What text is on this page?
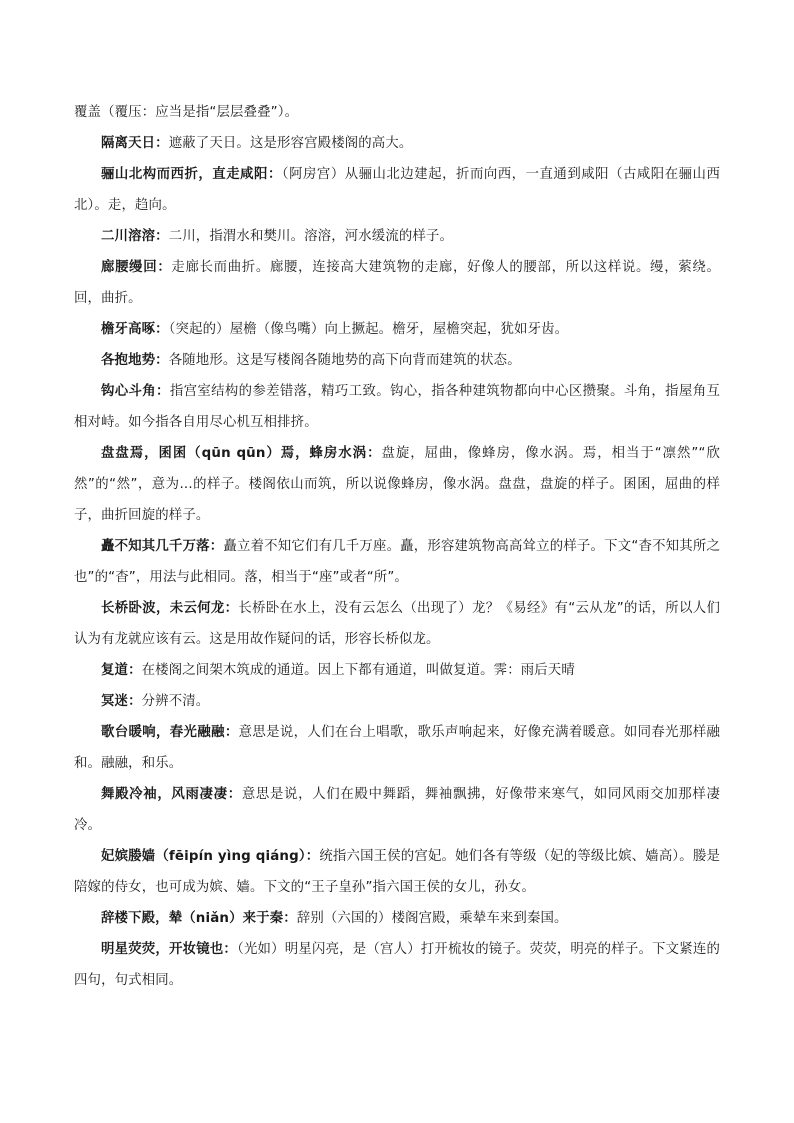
覆盖（覆压：应当是指“层层叠叠”）。

隔离天日：遮蔽了天日。这是形容宫殿楼阁的高大。

骊山北构而西折，直走咸阳：（阿房宫）从骊山北边建起，折而向西，一直通到咸阳（古咸阳在骊山西北）。走，趋向。

二川溶溶：二川，指渭水和樊川。溶溶，河水缓流的样子。

廊腰缦回：走廊长而曲折。廊腰，连接高大建筑物的走廊，好像人的腰部，所以这样说。缦，萦绕。回，曲折。

檐牙高啄：（突起的）屋檐（像鸟嘴）向上撅起。檐牙，屋檐突起，犹如牙齿。

各抱地势：各随地形。这是写楼阁各随地势的高下向背而建筑的状态。

钩心斗角：指宫室结构的参差错落，精巧工致。钩心，指各种建筑物都向中心区攒聚。斗角，指屋角互相对峙。如今指各自用尽心机互相排挤。

盘盘焉，囷囷（qūn qūn）焉，蜂房水涡：盘旋，屈曲，像蜂房，像水涡。焉，相当于“凛然”“欣然”的“然”，意为...的样子。楼阁依山而筑，所以说像蜂房，像水涡。盘盘，盘旋的样子。囷囷，屈曲的样子，曲折回旋的样子。

矗不知其几千万落：矗立着不知它们有几千万座。矗，形容建筑物高高耸立的样子。下文“杳不知其所之也”的“杳”，用法与此相同。落，相当于“座”或者“所”。

长桥卧波，未云何龙：长桥卧在水上，没有云怎么（出现了）龙？《易经》有“云从龙”的话，所以人们认为有龙就应该有云。这是用故作疑问的话，形容长桥似龙。

复道：在楼阁之间架木筑成的通道。因上下都有通道，叫做复道。霁：雨后天晴

冥迷：分辨不清。

歌台暖响，春光融融：意思是说，人们在台上唱歌，歌乐声响起来，好像充满着暖意。如同春光那样融和。融融，和乐。

舞殿冷袖，风雨凄凄：意思是说，人们在殿中舞蹈，舞袖飘拂，好像带来寒气，如同风雨交加那样凄冷。

妃嫔媵嫱（fēipín yìng qiáng）：统指六国王侯的宫妃。她们各有等级（妃的等级比嫔、嫱高）。媵是陪嫁的侍女，也可成为嫔、嫱。下文的“王子皇孙”指六国王侯的女儿，孙女。

辞楼下殿，辇（niǎn）来于秦：辞别（六国的）楼阁宫殿，乘辇车来到秦国。

明星荧荧，开妆镜也：（光如）明星闪亮，是（宫人）打开梳妆的镜子。荧荧，明亮的样子。下文紧连的四句，句式相同。
